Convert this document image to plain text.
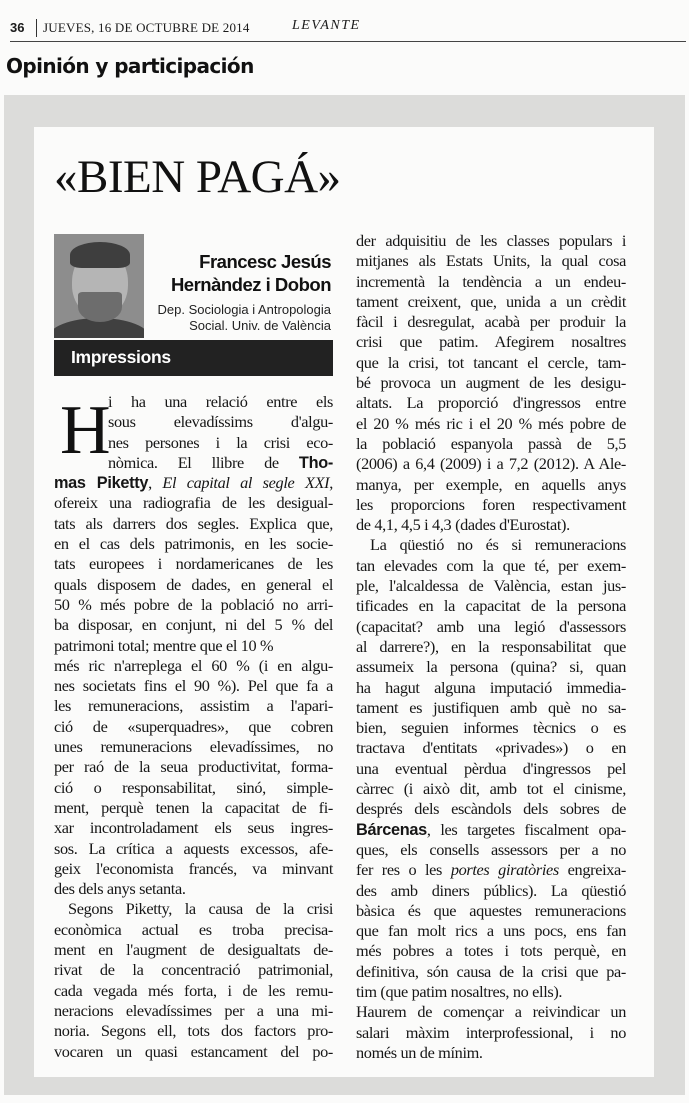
36 JUEVES, 16 DE OCTUBRE DE 2014	LEVANTE
Opinión y participación
«BIEN PAGÁ»
Francesc Jesús
Hernàndez i Dobon
Dep. Sociologia i Antropologia
Social. Univ. de València
Impressions
H

i ha una relació entre els

sous elevadíssims d'algu-

nes persones i la crisi eco-

nòmica. El llibre de Tho-

mas Piketty, El capital al segle XXI,

ofereix una radiografia de les desigual-

tats als darrers dos segles. Explica que,

en el cas dels patrimonis, en les socie-

tats europees i nordamericanes de les

quals disposem de dades, en general el

50 % més pobre de la població no arri-

ba disposar, en conjunt, ni del 5 % del

patrimoni total; mentre que el 10 %

més ric n'arreplega el 60 % (i en algu-

nes societats fins el 90 %). Pel que fa a

les remuneracions, assistim a l'apari-

ció de «superquadres», que cobren

unes remuneracions elevadíssimes, no

per raó de la seua productivitat, forma-

ció o responsabilitat, sinó, simple-

ment, perquè tenen la capacitat de fi-

xar incontroladament els seus ingres-

sos. La crítica a aquests excessos, afe-

geix l'economista francés, va minvant

des dels anys setanta.

Segons Piketty, la causa de la crisi

econòmica actual es troba precisa-

ment en l'augment de desigualtats de-

rivat de la concentració patrimonial,

cada vegada més forta, i de les remu-

neracions elevadíssimes per a una mi-

noria. Segons ell, tots dos factors pro-

vocaren un quasi estancament del po-

der adquisitiu de les classes populars i

mitjanes als Estats Units, la qual cosa

incrementà la tendència a un endeu-

tament creixent, que, unida a un crèdit

fàcil i desregulat, acabà per produir la

crisi que patim. Afegirem nosaltres

que la crisi, tot tancant el cercle, tam-

bé provoca un augment de les desigu-

altats. La proporció d'ingressos entre

el 20 % més ric i el 20 % més pobre de

la població espanyola passà de 5,5

(2006) a 6,4 (2009) i a 7,2 (2012). A Ale-

manya, per exemple, en aquells anys

les proporcions foren respectivament

de 4,1, 4,5 i 4,3 (dades d'Eurostat).

La qüestió no és si remuneracions

tan elevades com la que té, per exem-

ple, l'alcaldessa de València, estan jus-

tificades en la capacitat de la persona

(capacitat? amb una legió d'assessors

al darrere?), en la responsabilitat que

assumeix la persona (quina? si, quan

ha hagut alguna imputació immedia-

tament es justifiquen amb què no sa-

bien, seguien informes tècnics o es

tractava d'entitats «privades») o en

una eventual pèrdua d'ingressos pel

càrrec (i això dit, amb tot el cinisme,

després dels escàndols dels sobres de

Bárcenas, les targetes fiscalment opa-

ques, els consells assessors per a no

fer res o les portes giratòries engreixa-

des amb diners públics). La qüestió

bàsica és que aquestes remuneracions

que fan molt rics a uns pocs, ens fan

més pobres a totes i tots perquè, en

definitiva, són causa de la crisi que pa-

tim (que patim nosaltres, no ells).

Haurem de començar a reivindicar un

salari màxim interprofessional, i no

només un de mínim.
